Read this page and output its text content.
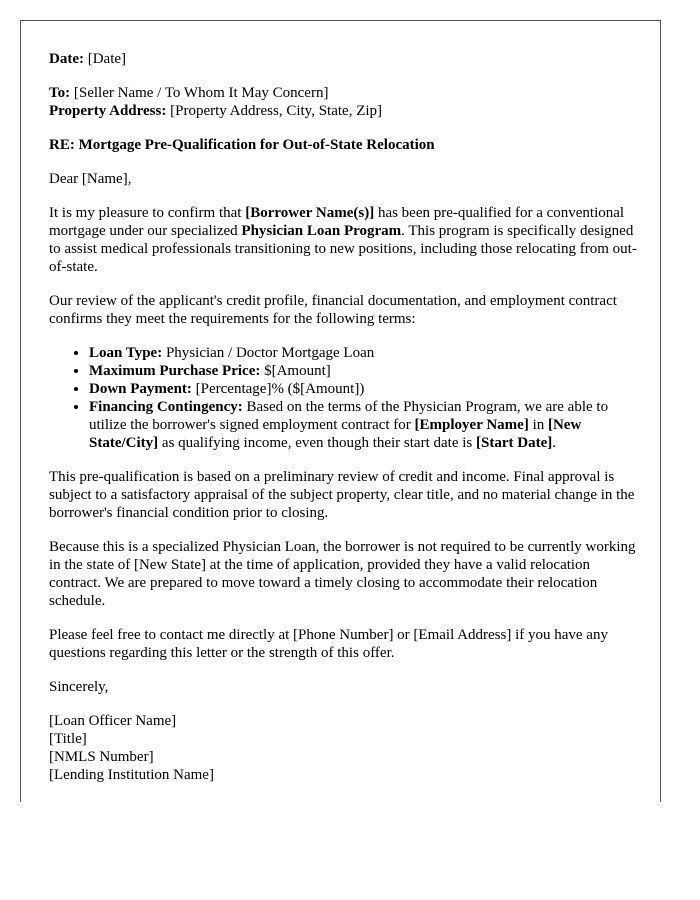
Date: [Date]

To: [Seller Name / To Whom It May Concern]

Property Address: [Property Address, City, State, Zip]

RE: Mortgage Pre-Qualification for Out-of-State Relocation

Dear [Name],

It is my pleasure to confirm that [Borrower Name(s)] has been pre-qualified for a conventional mortgage under our specialized Physician Loan Program. This program is specifically designed to assist medical professionals transitioning to new positions, including those relocating from out-of-state.

Our review of the applicant's credit profile, financial documentation, and employment contract confirms they meet the requirements for the following terms:

• Loan Type: Physician / Doctor Mortgage Loan
• Maximum Purchase Price: $[Amount]
• Down Payment: [Percentage]% ($[Amount])
• Financing Contingency: Based on the terms of the Physician Program, we are able to utilize the borrower's signed employment contract for [Employer Name] in [New State/City] as qualifying income, even though their start date is [Start Date].

This pre-qualification is based on a preliminary review of credit and income. Final approval is subject to a satisfactory appraisal of the subject property, clear title, and no material change in the borrower's financial condition prior to closing.

Because this is a specialized Physician Loan, the borrower is not required to be currently working in the state of [New State] at the time of application, provided they have a valid relocation contract. We are prepared to move toward a timely closing to accommodate their relocation schedule.

Please feel free to contact me directly at [Phone Number] or [Email Address] if you have any questions regarding this letter or the strength of this offer.

Sincerely,

[Loan Officer Name]
[Title]
[NMLS Number]
[Lending Institution Name]
